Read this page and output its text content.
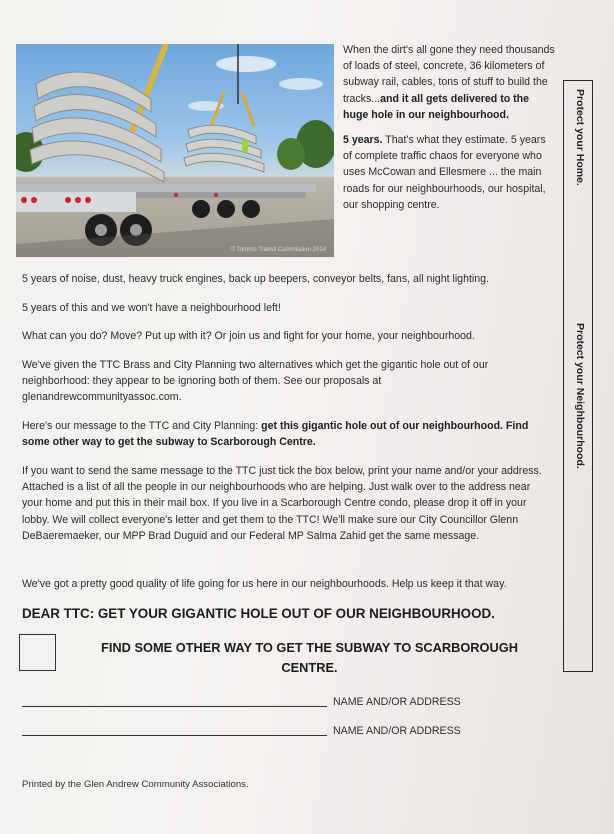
© Toronto Transit Commission 2014

When the dirt's all gone they need thousands of loads of steel, concrete, 36 kilometers of subway rail, cables, tons of stuff to build the tracks...and it all gets delivered to the huge hole in our neighbourhood.

5 years. That's what they estimate. 5 years of complete traffic chaos for everyone who uses McCowan and Ellesmere ... the main roads for our neighbourhoods, our hospital, our shopping centre.

5 years of noise, dust, heavy truck engines, back up beepers, conveyor belts, fans, all night lighting.

5 years of this and we won't have a neighbourhood left!

What can you do? Move? Put up with it? Or join us and fight for your home, your neighbourhood.

We've given the TTC Brass and City Planning two alternatives which get the gigantic hole out of our neighborhood: they appear to be ignoring both of them. See our proposals at glenandrewcommunityassoc.com.

Here's our message to the TTC and City Planning: get this gigantic hole out of our neighbourhood. Find some other way to get the subway to Scarborough Centre.

If you want to send the same message to the TTC just tick the box below, print your name and/or your address. Attached is a list of all the people in our neighbourhoods who are helping. Just walk over to the address near your home and put this in their mail box. If you live in a Scarborough Centre condo, please drop it off in your lobby. We will collect everyone's letter and get them to the TTC! We'll make sure our City Councillor Glenn DeBaeremaeker, our MPP Brad Duguid and our Federal MP Salma Zahid get the same message.

We've got a pretty good quality of life going for us here in our neighbourhoods. Help us keep it that way.

DEAR TTC: GET YOUR GIGANTIC HOLE OUT OF OUR NEIGHBOURHOOD.
FIND SOME OTHER WAY TO GET THE SUBWAY TO SCARBOROUGH CENTRE.
NAME AND/OR ADDRESS
NAME AND/OR ADDRESS
Printed by the Glen Andrew Community Associations.
Protect your Home.
Protect your Neighbourhood.
